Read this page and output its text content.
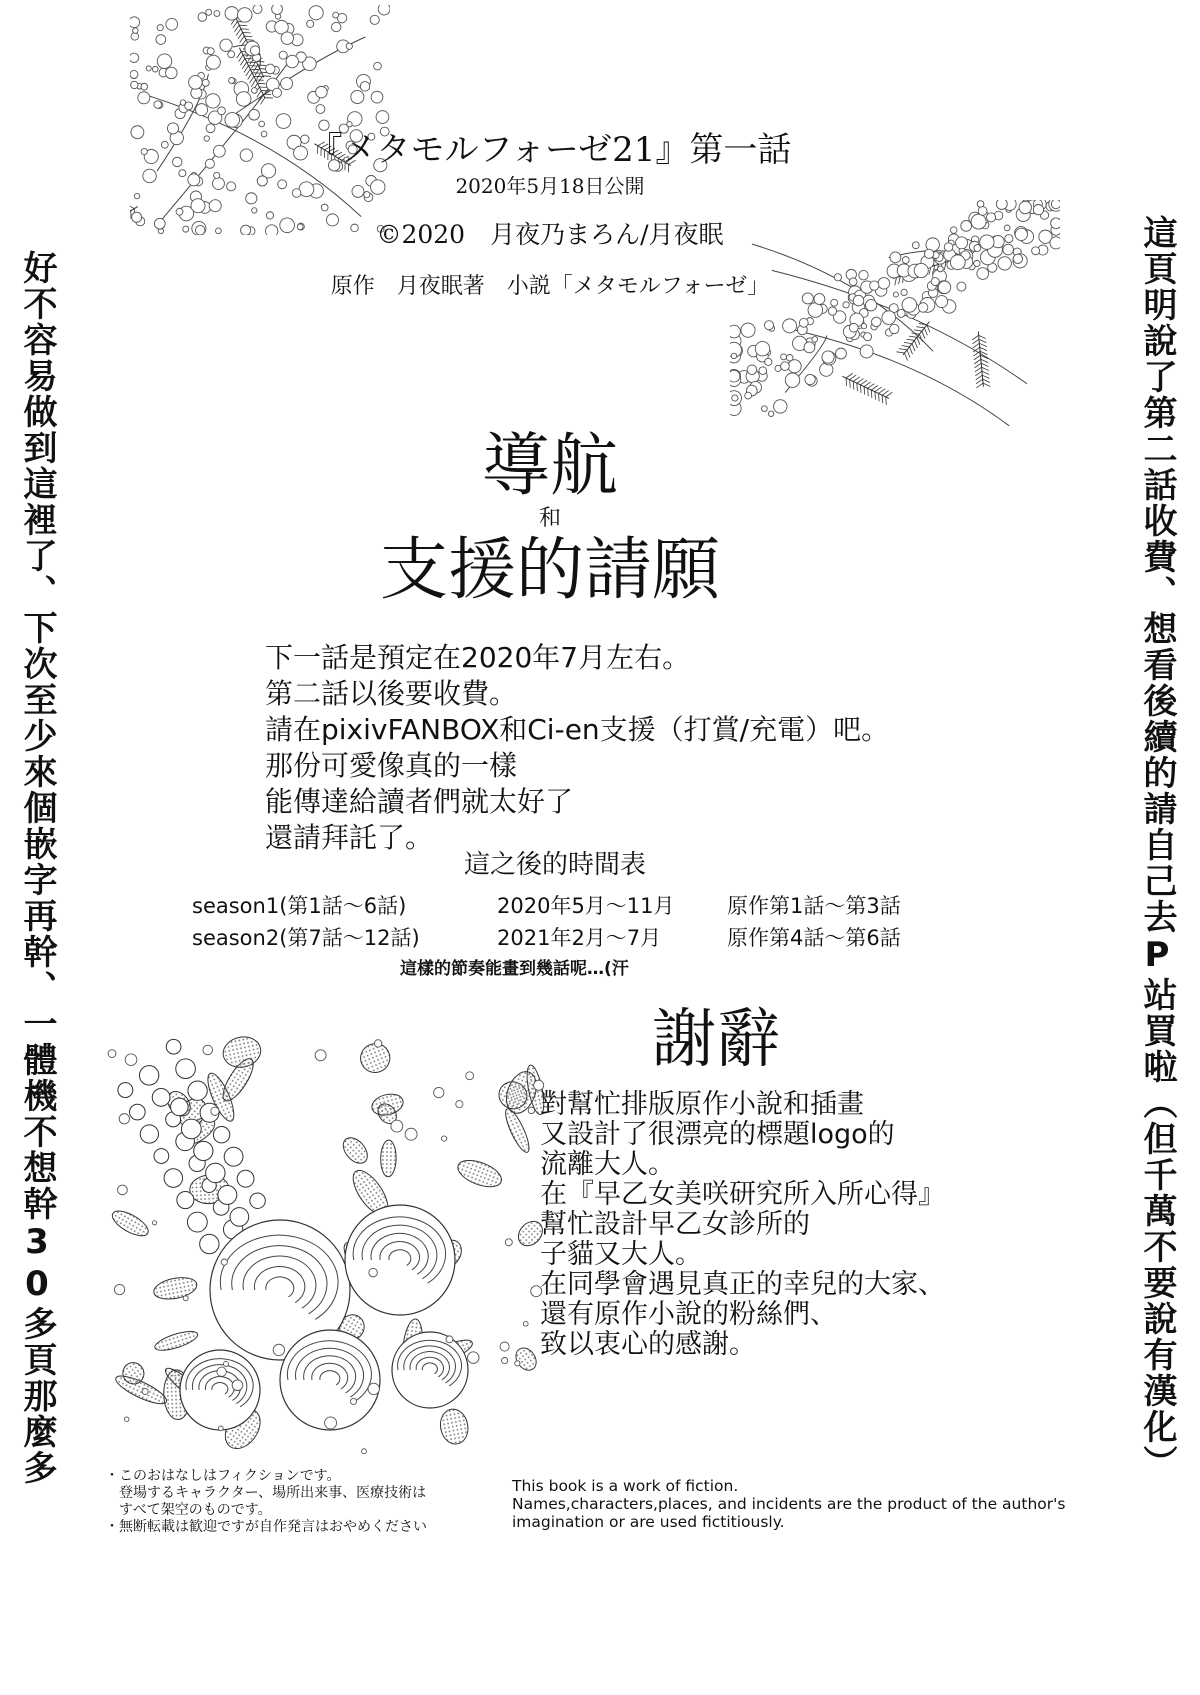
好不容易做到這裡了、下次至少來個嵌字再幹、一體機不想幹30多頁那麼多	這頁明說了第二話收費、想看後續的請自己去P站買啦（但千萬不要說有漢化）
『メタモルフォーゼ21』第一話
2020年5月18日公開
©2020　月夜乃まろん/月夜眠
原作　月夜眠著　小説「メタモルフォーゼ」
導航
和
支援的請願
下一話是預定在2020年7月左右。
第二話以後要收費。
請在pixivFANBOX和Ci-en支援（打賞/充電）吧。
那份可愛像真的一樣
能傳達給讀者們就太好了
還請拜託了。
這之後的時間表
season1(第1話～6話)	2020年5月～11月	原作第1話～第3話
season2(第7話～12話)	2021年2月～7月	原作第4話～第6話
這樣的節奏能畫到幾話呢…(汗
謝辭
對幫忙排版原作小說和插畫
又設計了很漂亮的標題logo的
流離大人。
在『早乙女美咲研究所入所心得』
幫忙設計早乙女診所的
子貓又大人。
在同學會遇見真正的幸兒的大家、
還有原作小說的粉絲們、
致以衷心的感謝。
・このおはなしはフィクションです。
　登場するキャラクター、場所出来事、医療技術は
　すべて架空のものです。
・無断転載は歓迎ですが自作発言はおやめください
This book is a work of fiction.
Names,characters,places, and incidents are the product of the author's
imagination or are used fictitiously.
